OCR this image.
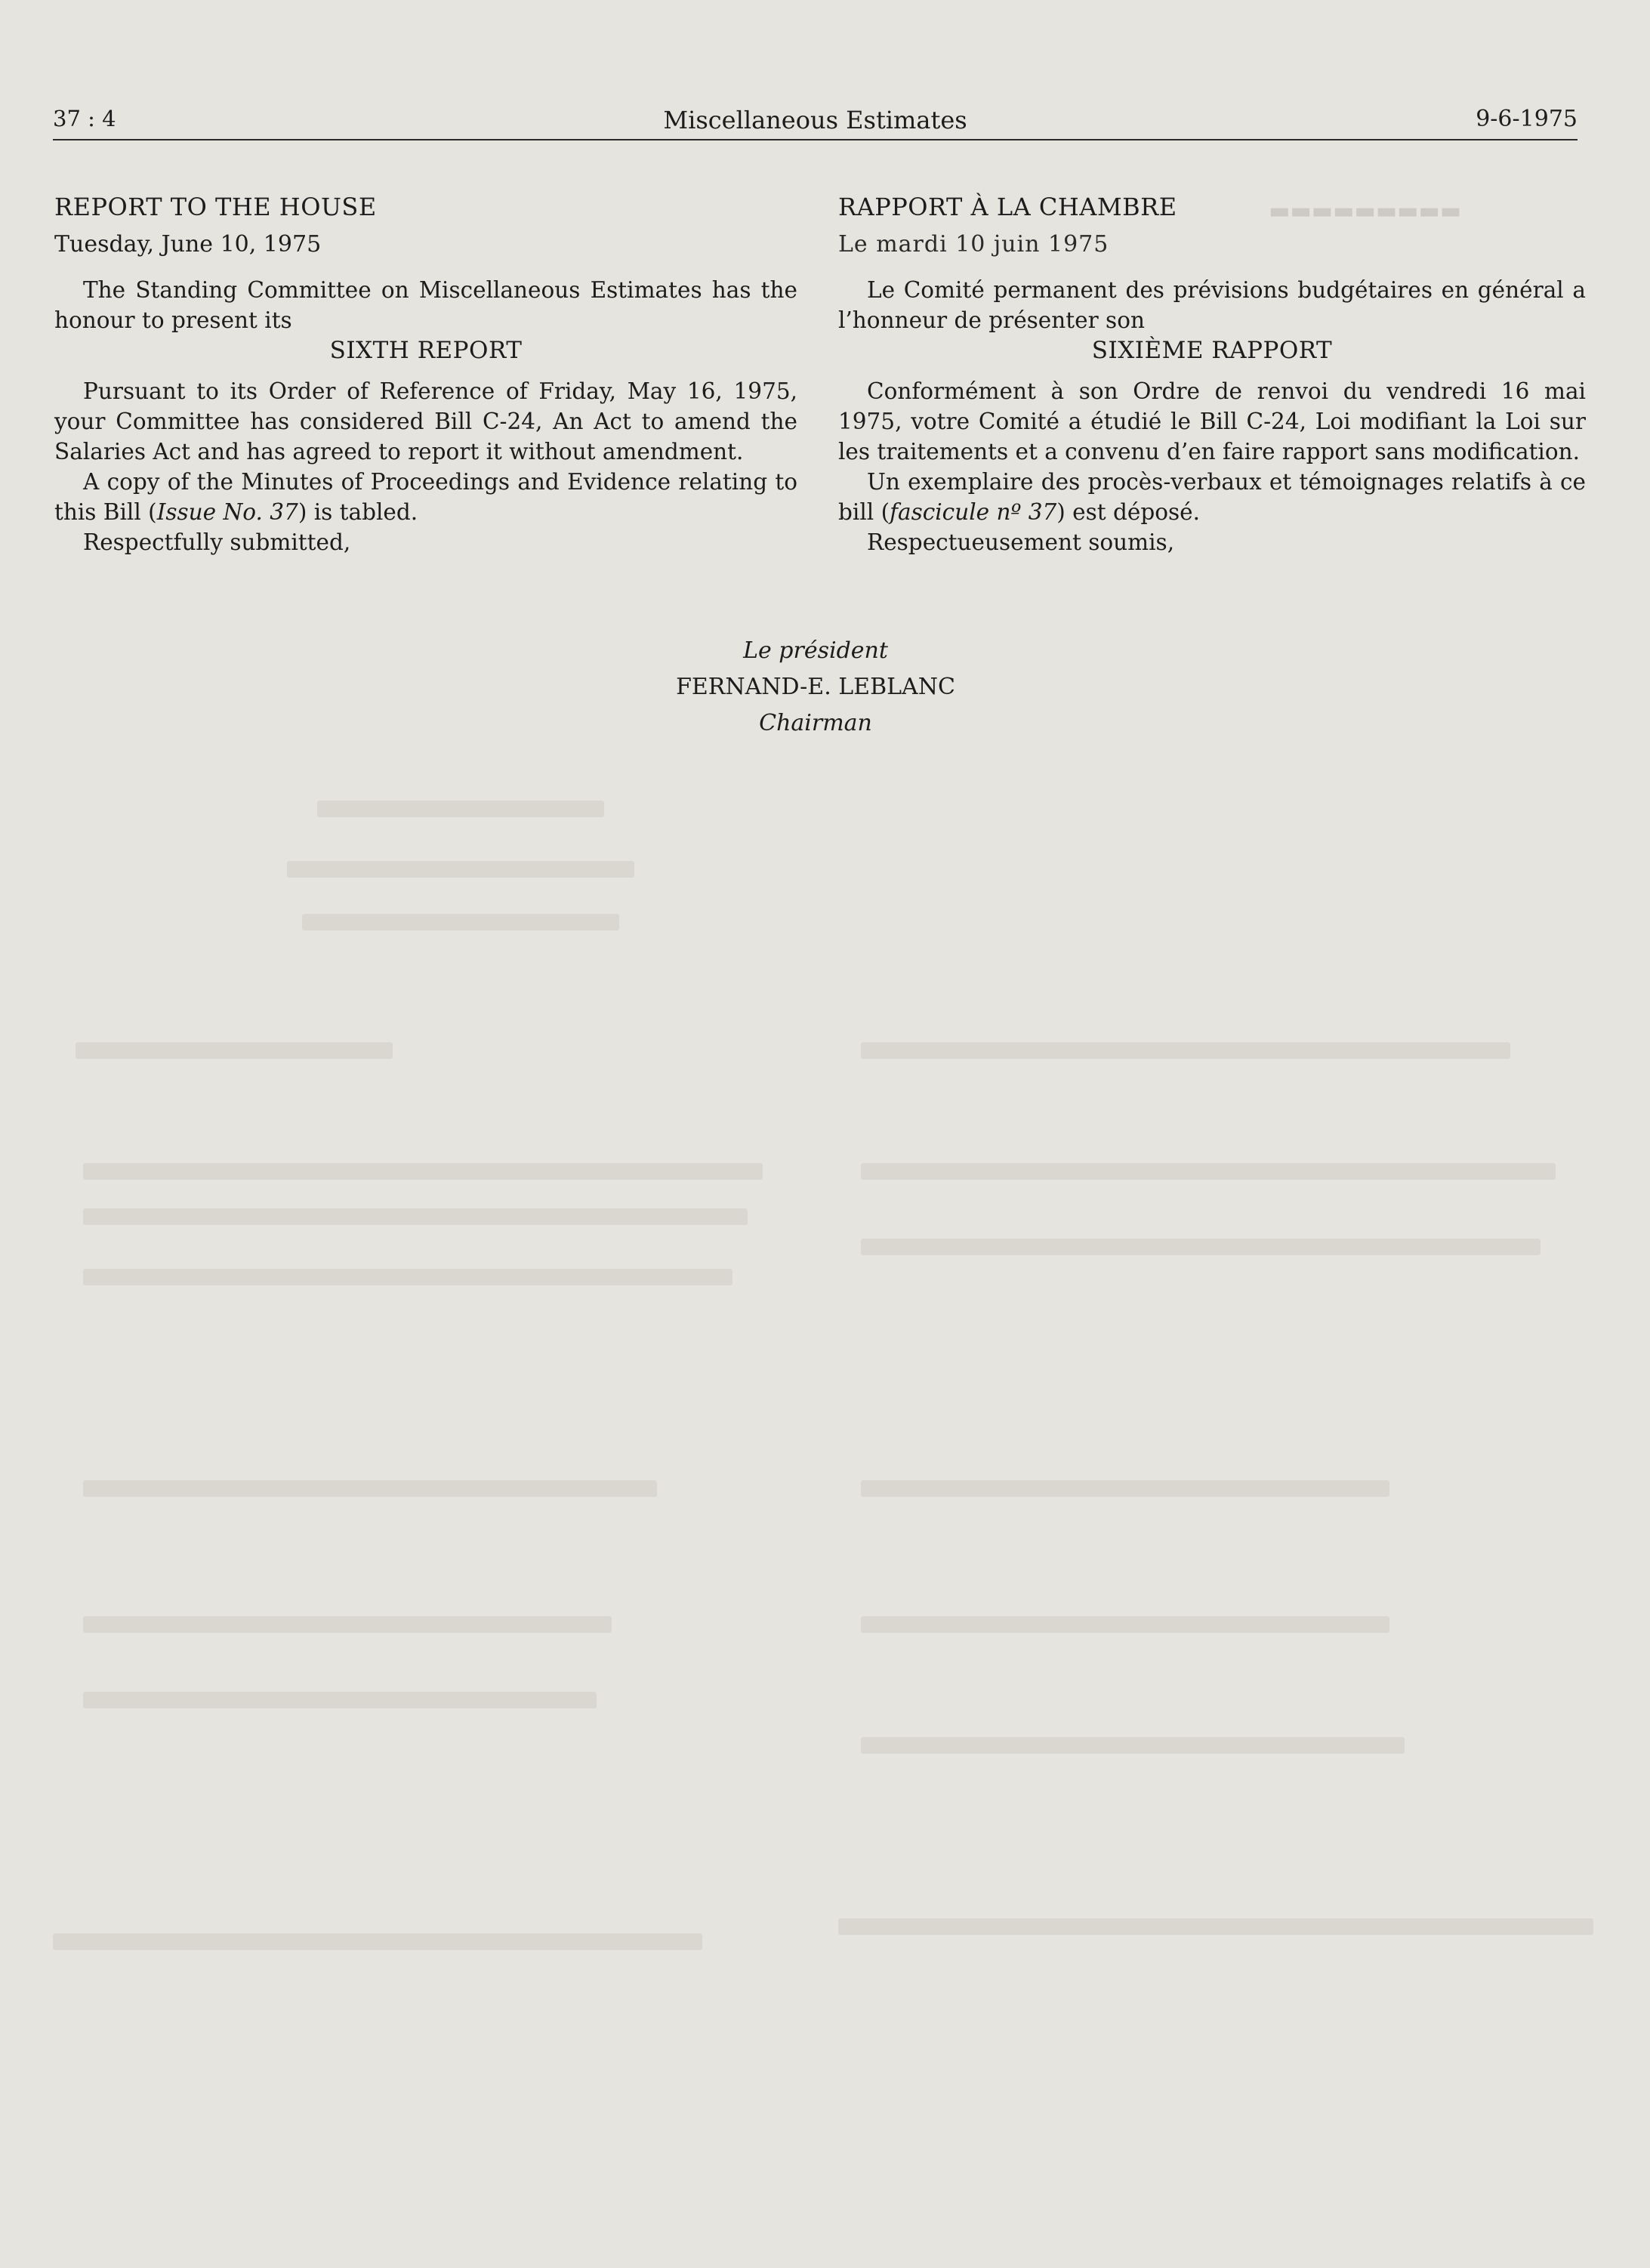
▬▬▬▬▬▬▬▬▬
37 : 4	Miscellaneous Estimates	9-6-1975
REPORT TO THE HOUSE
Tuesday, June 10, 1975

The Standing Committee on Miscellaneous Estimates has the honour to present its

SIXTH REPORT

Pursuant to its Order of Reference of Friday, May 16, 1975, your Committee has considered Bill C-24, An Act to amend the Salaries Act and has agreed to report it without amendment.

A copy of the Minutes of Proceedings and Evidence relating to this Bill (Issue No. 37) is tabled.

Respectfully submitted,

RAPPORT À LA CHAMBRE
Le mardi 10 juin 1975

Le Comité permanent des prévisions budgétaires en général a l’honneur de présenter son

SIXIÈME RAPPORT

Conformément à son Ordre de renvoi du vendredi 16 mai 1975, votre Comité a étudié le Bill C-24, Loi modifiant la Loi sur les traitements et a convenu d’en faire rapport sans modification.

Un exemplaire des procès-verbaux et témoignages relatifs à ce bill (fascicule nº 37) est déposé.

Respectueusement soumis,

Le président
FERNAND-E. LEBLANC
Chairman
